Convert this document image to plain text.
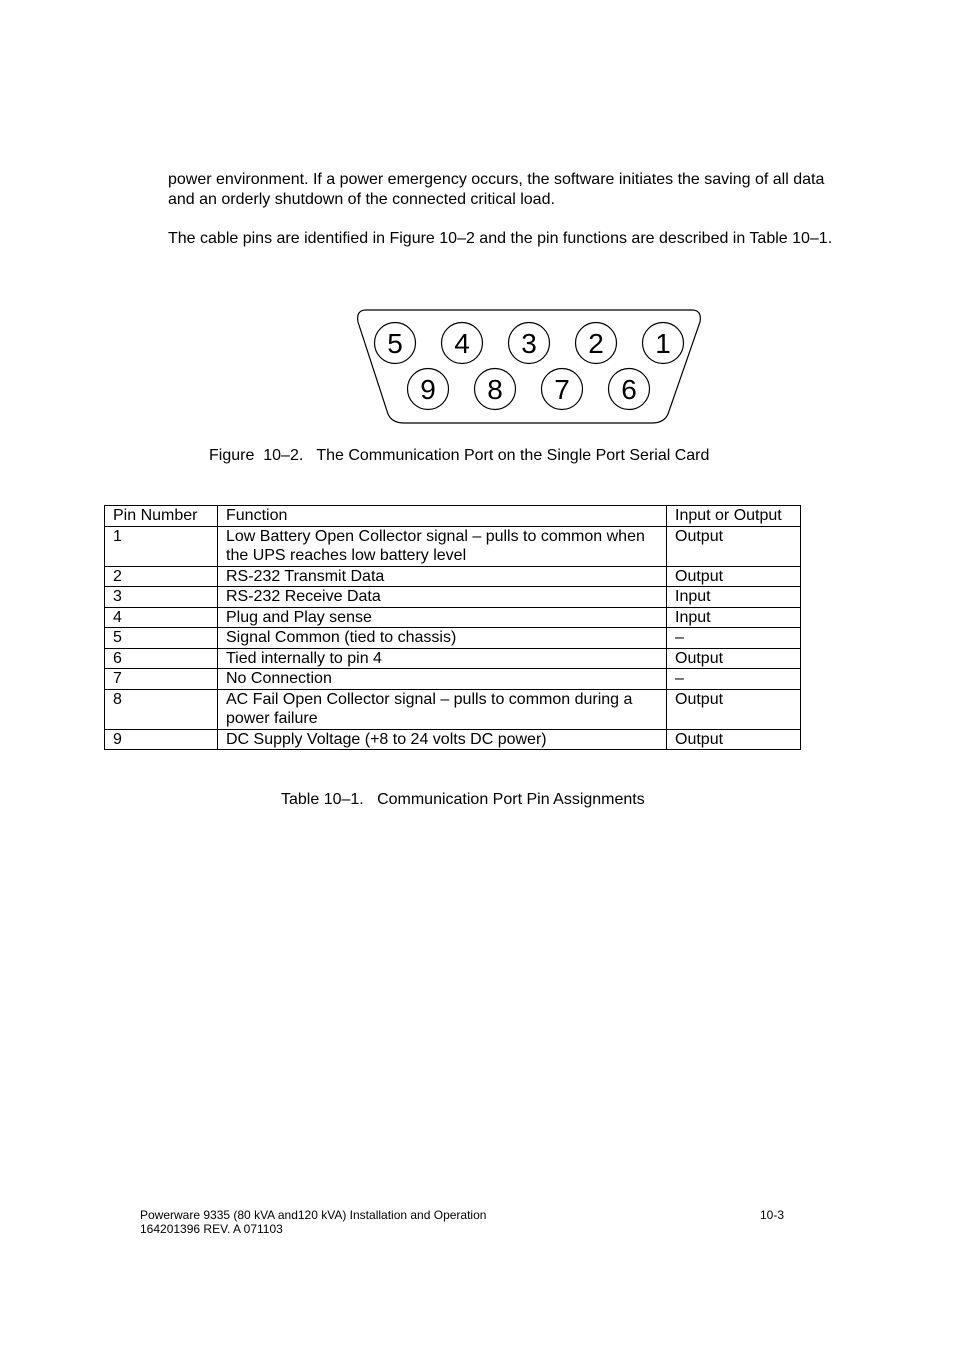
power environment. If a power emergency occurs, the software initiates the saving of all data and an orderly shutdown of the connected critical load.

The cable pins are identified in Figure 10–2 and the pin functions are described in Table 10–1.

5 4 3 2 1
9 8 7 6

Figure  10–2.   The Communication Port on the Single Port Serial Card

Pin Number	Function	Input or Output
1	Low Battery Open Collector signal – pulls to common when the UPS reaches low battery level	Output
2	RS-232 Transmit Data	Output
3	RS-232 Receive Data	Input
4	Plug and Play sense	Input
5	Signal Common (tied to chassis)	–
6	Tied internally to pin 4	Output
7	No Connection	–
8	AC Fail Open Collector signal – pulls to common during a power failure	Output
9	DC Supply Voltage (+8 to 24 volts DC power)	Output

Table 10–1.   Communication Port Pin Assignments

Powerware 9335 (80 kVA and120 kVA) Installation and Operation
164201396 REV. A 071103
10-3
